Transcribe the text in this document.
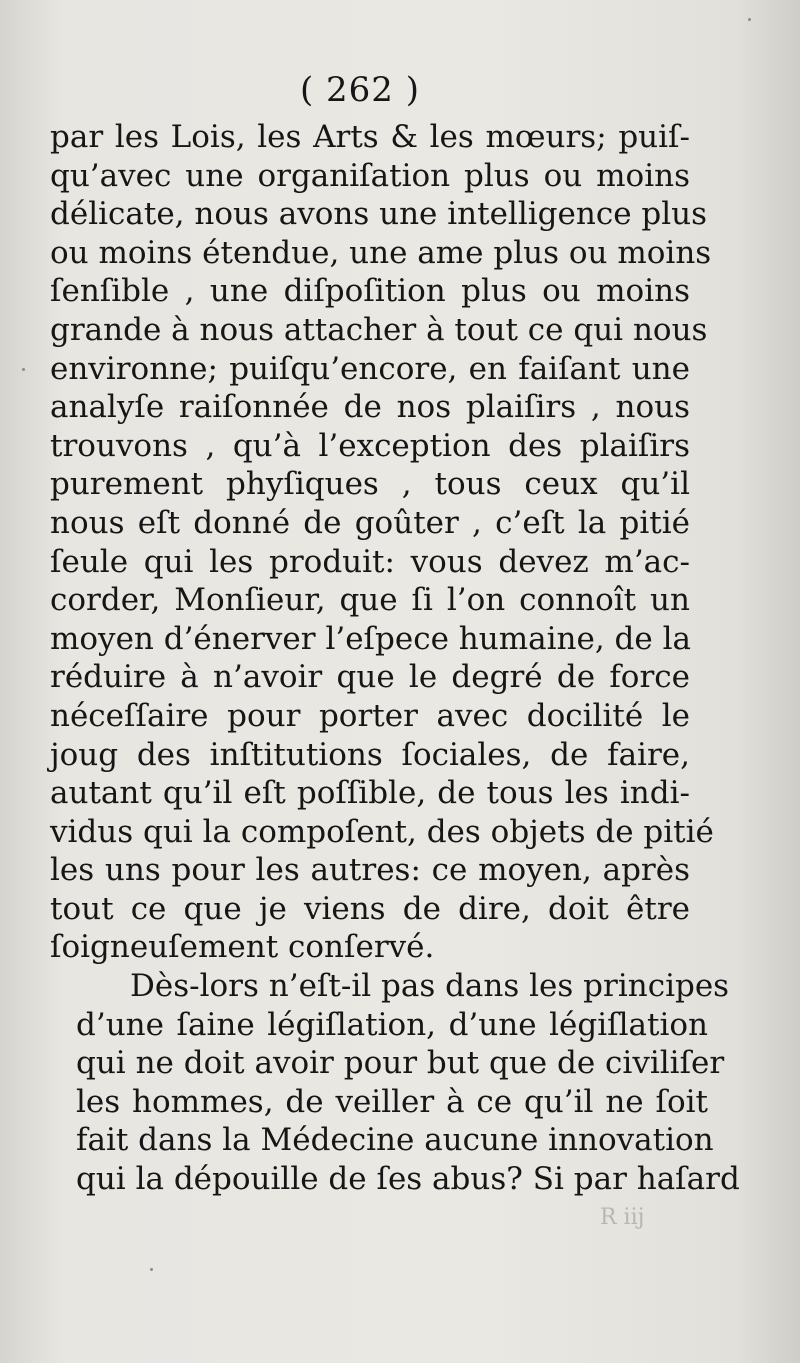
( 262 )
par les Lois, les Arts & les mœurs; puiſ-
qu’avec une organiſation plus ou moins
délicate, nous avons une intelligence plus
ou moins étendue, une ame plus ou moins
ſenſible , une diſpoſition plus ou moins
grande à nous attacher à tout ce qui nous
environne; puiſqu’encore, en faiſant une
analyſe raiſonnée de nos plaiſirs , nous
trouvons , qu’à l’exception des plaiſirs
purement phyſiques , tous ceux qu’il
nous eſt donné de goûter , c’eſt la pitié
ſeule qui les produit: vous devez m’ac-
corder, Monſieur, que ſi l’on connoît un
moyen d’énerver l’eſpece humaine, de la
réduire à n’avoir que le degré de force
néceſſaire pour porter avec docilité le
joug des inſtitutions ſociales, de faire,
autant qu’il eſt poſſible, de tous les indi-
vidus qui la compoſent, des objets de pitié
les uns pour les autres: ce moyen, après
tout ce que je viens de dire, doit être
ſoigneuſement conſervé.
Dès-lors n’eſt-il pas dans les principes
d’une ſaine légiſlation, d’une légiſlation
qui ne doit avoir pour but que de civiliſer
les hommes, de veiller à ce qu’il ne ſoit
fait dans la Médecine aucune innovation
qui la dépouille de ſes abus? Si par haſard
R iij
